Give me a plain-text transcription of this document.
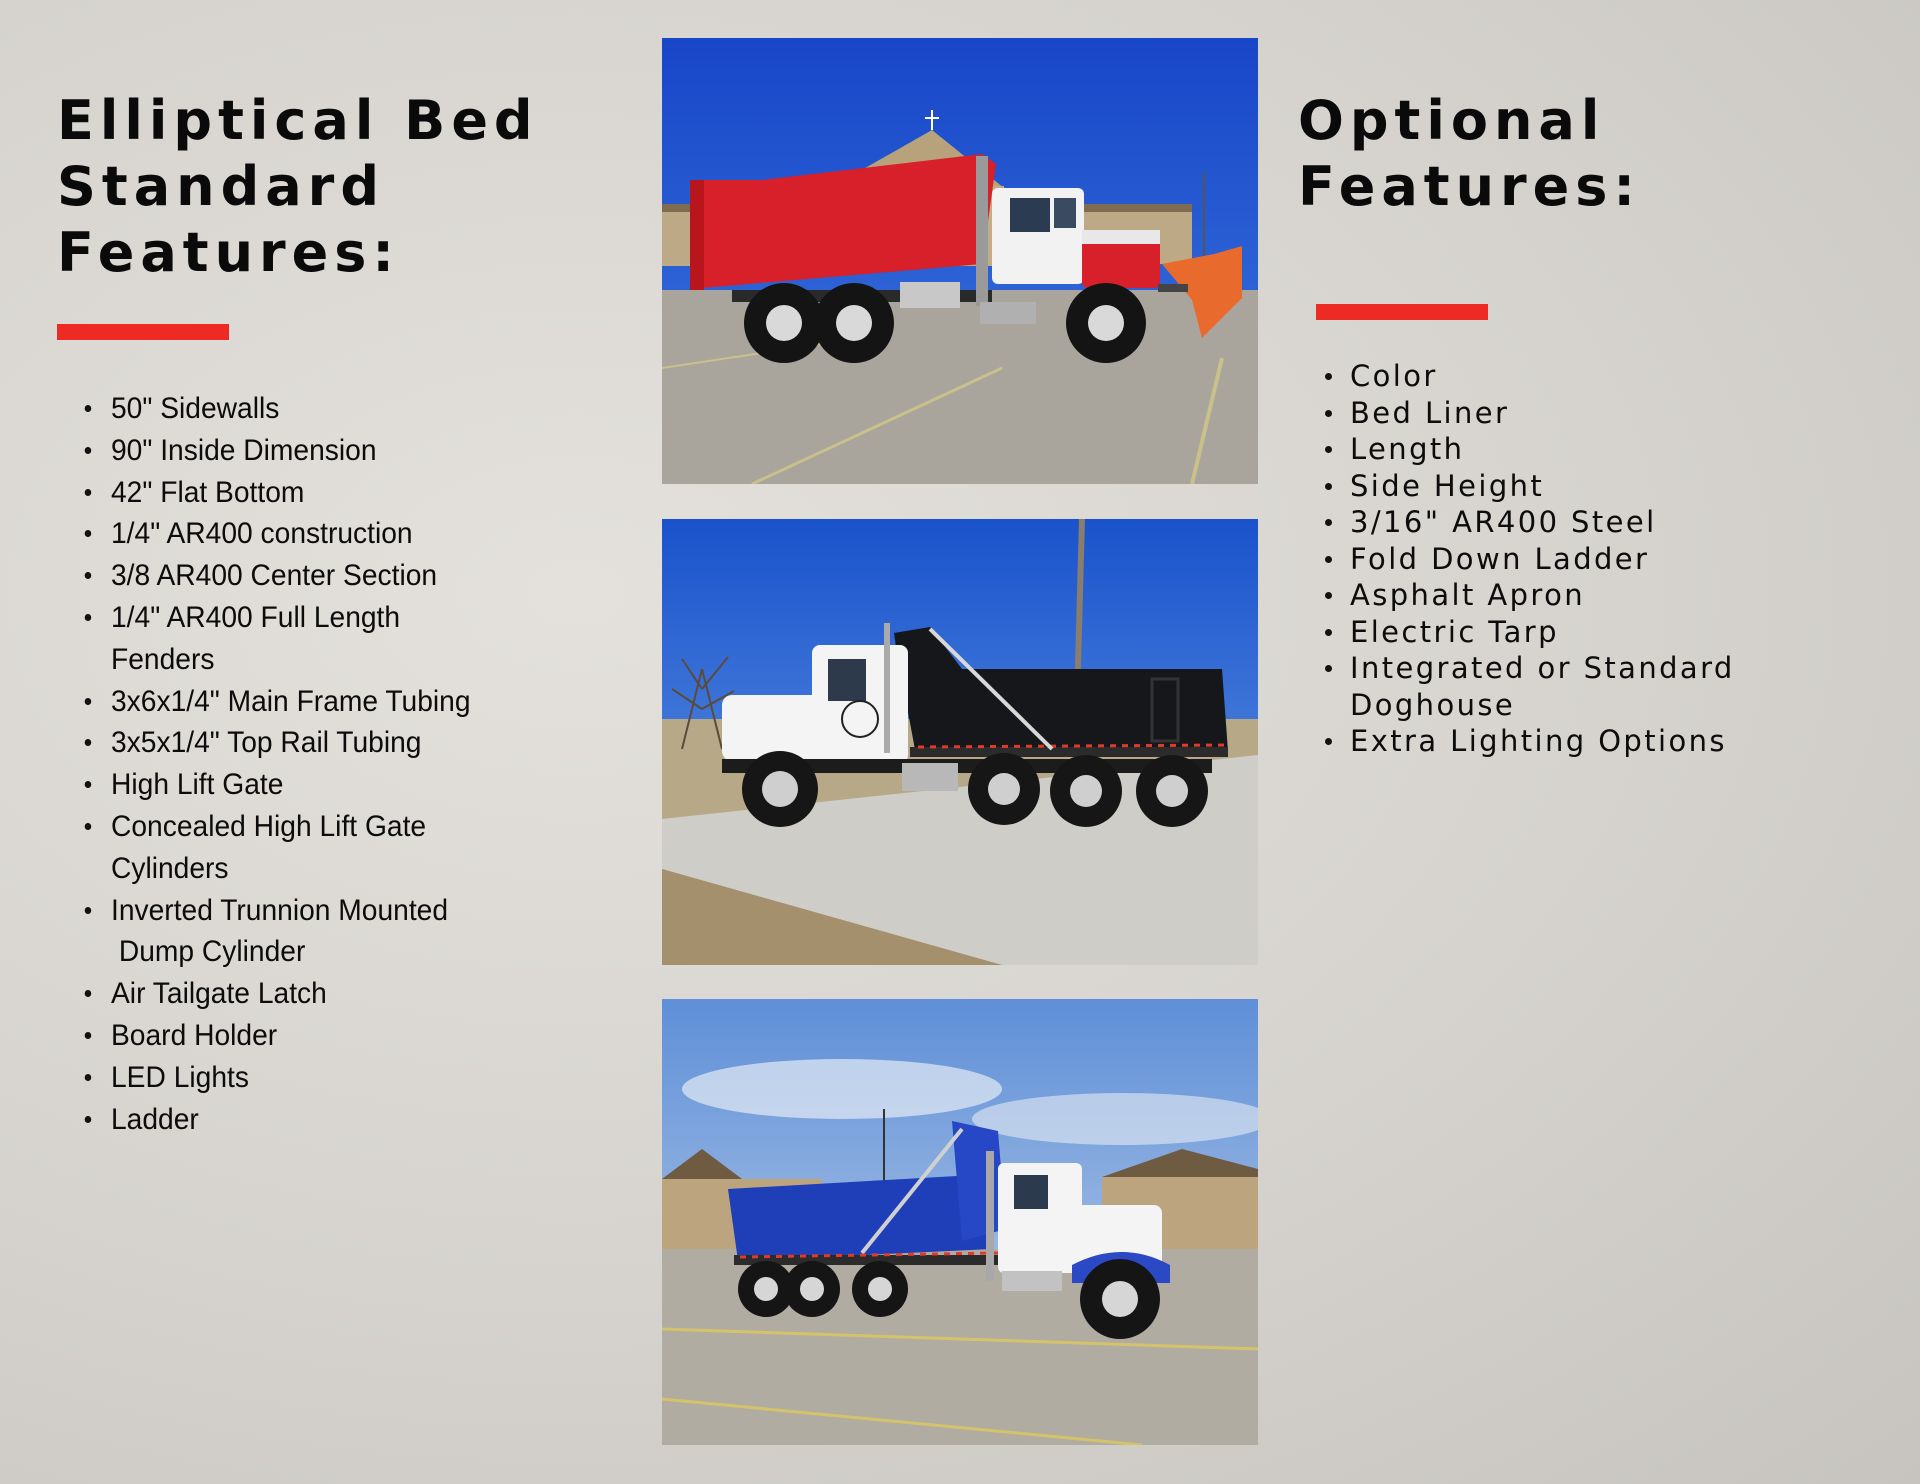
Elliptical Bed
Standard
Features:
50" Sidewalls
90" Inside Dimension
42" Flat Bottom
1/4" AR400 construction
3/8 AR400 Center Section
1/4" AR400 Full Length
Fenders
3x6x1/4" Main Frame Tubing
3x5x1/4" Top Rail Tubing
High Lift Gate
Concealed High Lift Gate
Cylinders
Inverted Trunnion Mounted
Dump Cylinder
Air Tailgate Latch
Board Holder
LED Lights
Ladder
Optional
Features:
Color
Bed Liner
Length
Side Height
3/16" AR400 Steel
Fold Down Ladder
Asphalt Apron
Electric Tarp
Integrated or Standard
Doghouse
Extra Lighting Options
